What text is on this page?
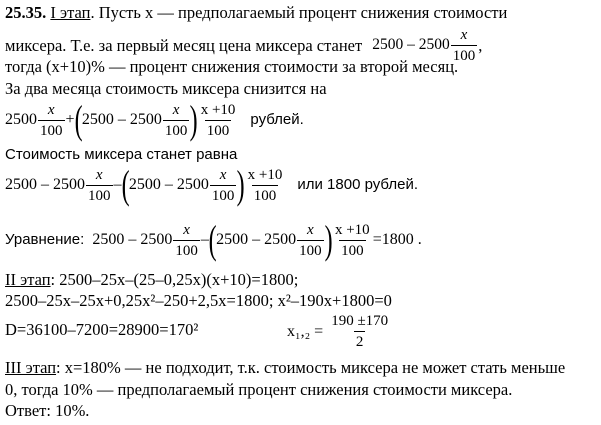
25.35. I этап. Пусть x — предполагаемый процент снижения стоимости
миксера. Т.е. за первый месяц цена миксера станет $2500 - 2500 \frac{x}{100}$ ,
тогда (x+10)% — процент снижения стоимости за второй месяц.
За два месяца стоимость миксера снизится на
$2500 \frac{x}{100}$ + ( $2500 - 2500 \frac{x}{100}$ ) $\frac{x +10}{100}$ рублей.
Стоимость миксера станет равна
$2500 - 2500 \frac{x}{100}$ – ( $2500 - 2500 \frac{x}{100}$ ) $\frac{x +10}{100}$ или 1800 рублей.
Уравнение: $2500 - 2500 \frac{x}{100}$ – ( $2500 - 2500 \frac{x}{100}$ ) $\frac{x +10}{100} =1800$ .
II этап: 2500–25x–(25–0,25x)(x+10)=1800;
2500–25x–25x+0,25x²–250+2,5x=1800; x²–190x+1800=0
D=36100–7200=28900=170²	$x_1,_2 = \frac{190 \pm 170}{2}$
III этап: x=180% — не подходит, т.к. стоимость миксера не может стать меньше
0, тогда 10% — предполагаемый процент снижения стоимости миксера.
Ответ: 10%.
